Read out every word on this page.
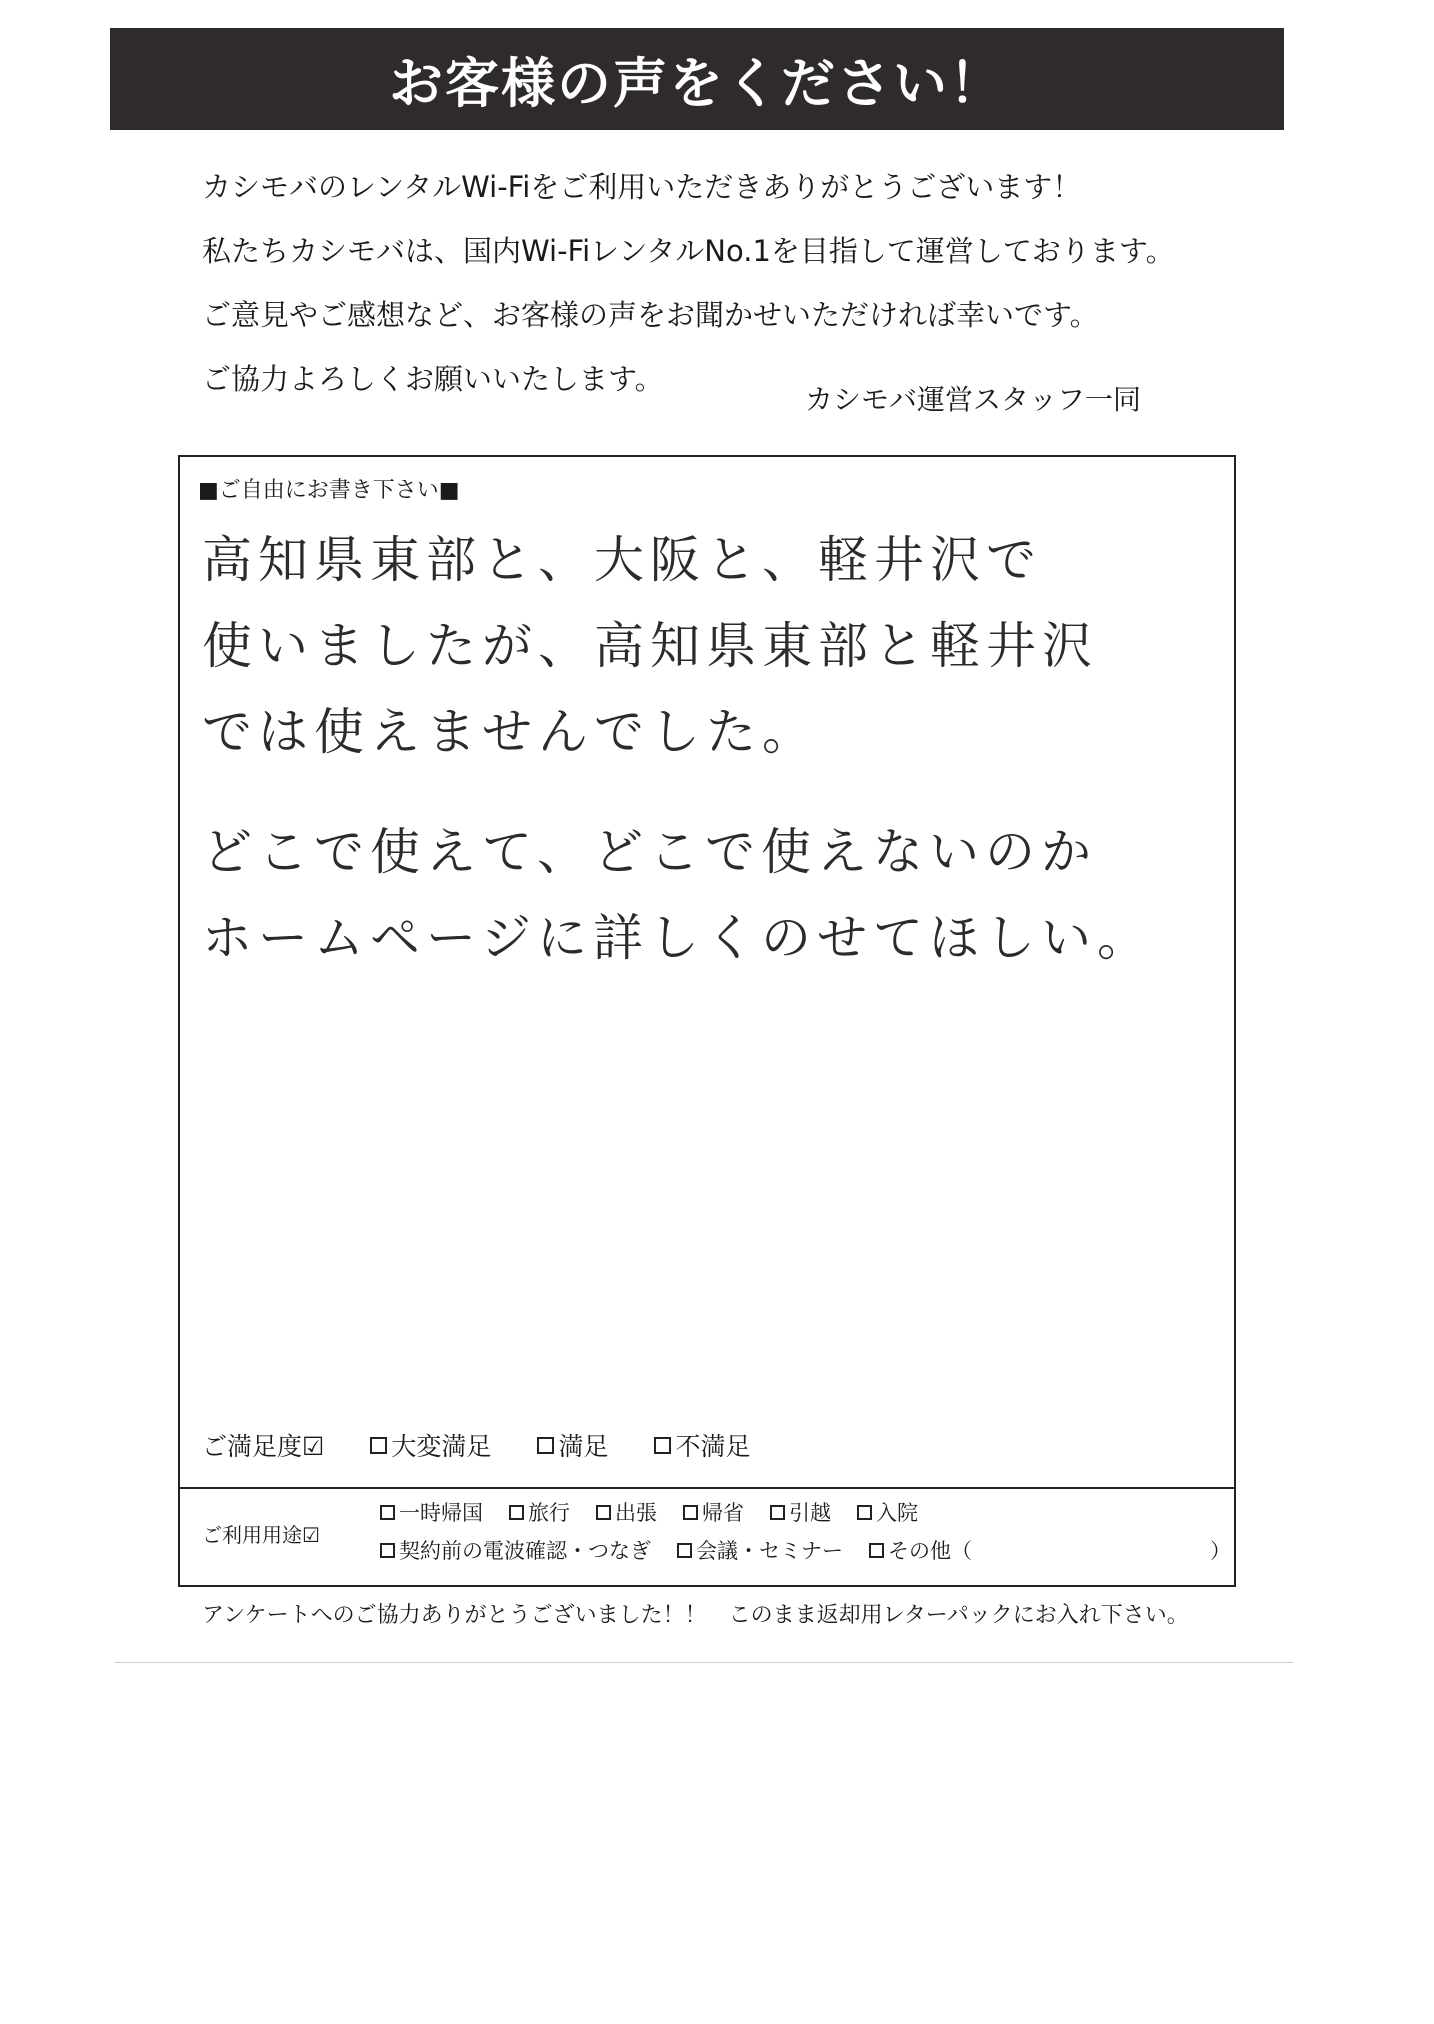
お客様の声をください！
カシモバのレンタルWi-Fiをご利用いただきありがとうございます！
私たちカシモバは、国内Wi-FiレンタルNo.1を目指して運営しております。
ご意見やご感想など、お客様の声をお聞かせいただければ幸いです。
ご協力よろしくお願いいたします。
カシモバ運営スタッフ一同
■ご自由にお書き下さい■
高知県東部と、大阪と、軽井沢で
使いましたが、高知県東部と軽井沢
では使えませんでした。
どこで使えて、どこで使えないのか
ホームページに詳しくのせてほしい。
ご満足度☑	大変満足	満足	不満足
ご利用用途☑
一時帰国 旅行 出張 帰省 引越 入院
契約前の電波確認・つなぎ 会議・セミナー その他（	）
アンケートへのご協力ありがとうございました！！　このまま返却用レターパックにお入れ下さい。
